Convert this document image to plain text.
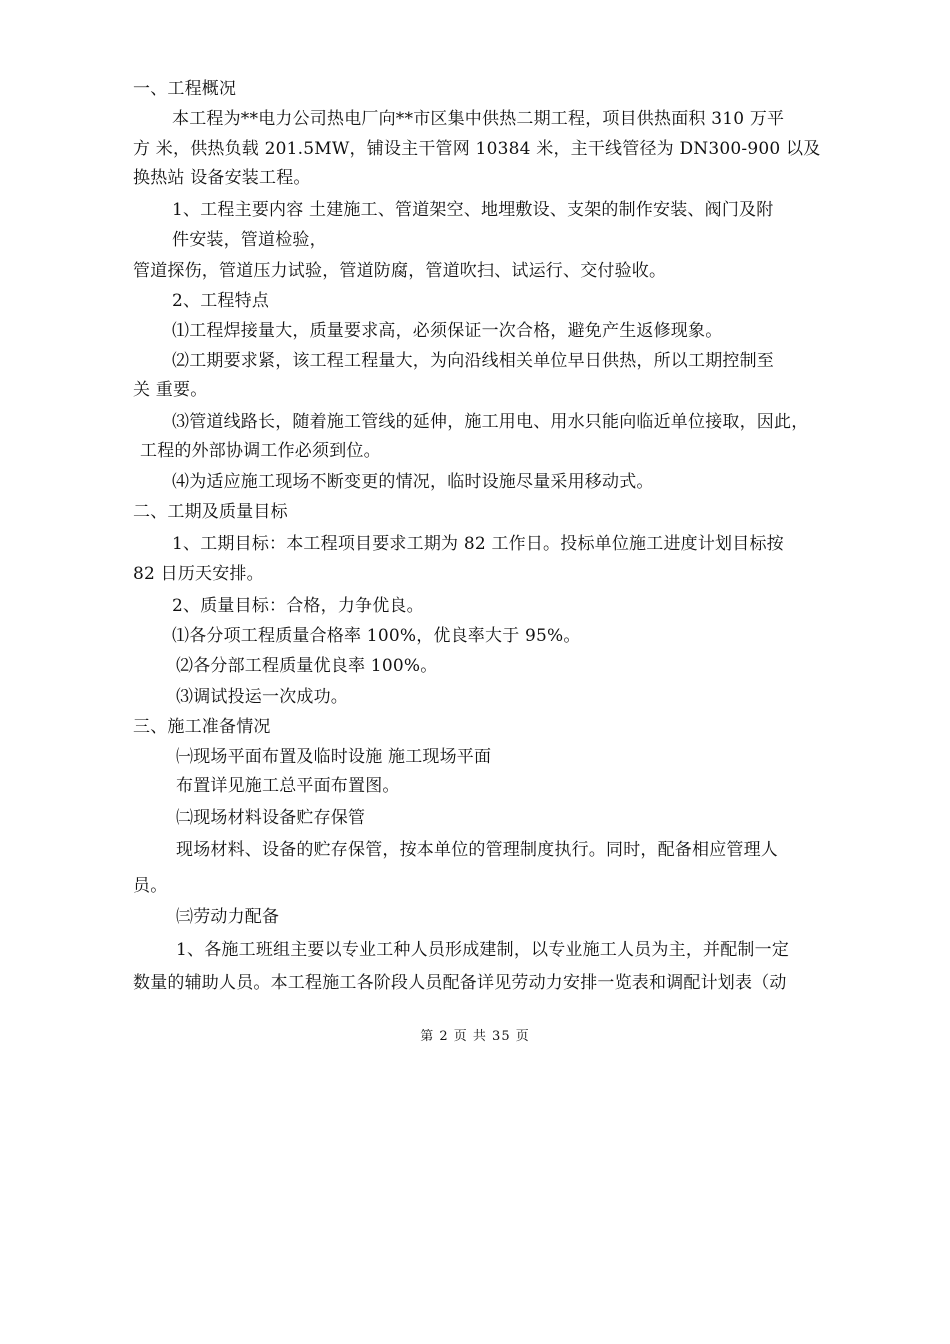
一、工程概况
本工程为**电力公司热电厂向**市区集中供热二期工程，项目供热面积 310 万平
方 米，供热负载 201.5MW，铺设主干管网 10384 米，主干线管径为 DN300-900 以及
换热站 设备安装工程。
1、工程主要内容 土建施工、管道架空、地埋敷设、支架的制作安装、阀门及附
件安装，管道检验，
管道探伤，管道压力试验，管道防腐，管道吹扫、试运行、交付验收。
2、工程特点
⑴工程焊接量大，质量要求高，必须保证一次合格，避免产生返修现象。
⑵工期要求紧，该工程工程量大，为向沿线相关单位早日供热，所以工期控制至
关 重要。
⑶管道线路长，随着施工管线的延伸，施工用电、用水只能向临近单位接取，因此，
工程的外部协调工作必须到位。
⑷为适应施工现场不断变更的情况，临时设施尽量采用移动式。
二、工期及质量目标
1、工期目标：本工程项目要求工期为 82 工作日。投标单位施工进度计划目标按
82 日历天安排。
2、质量目标：合格，力争优良。
⑴各分项工程质量合格率 100%，优良率大于 95%。
⑵各分部工程质量优良率 100%。
⑶调试投运一次成功。
三、施工准备情况
㈠现场平面布置及临时设施 施工现场平面
布置详见施工总平面布置图。
㈡现场材料设备贮存保管
现场材料、设备的贮存保管，按本单位的管理制度执行。同时，配备相应管理人
员。
㈢劳动力配备
1、各施工班组主要以专业工种人员形成建制，以专业施工人员为主，并配制一定
数量的辅助人员。本工程施工各阶段人员配备详见劳动力安排一览表和调配计划表（动
第 2 页 共 35 页
